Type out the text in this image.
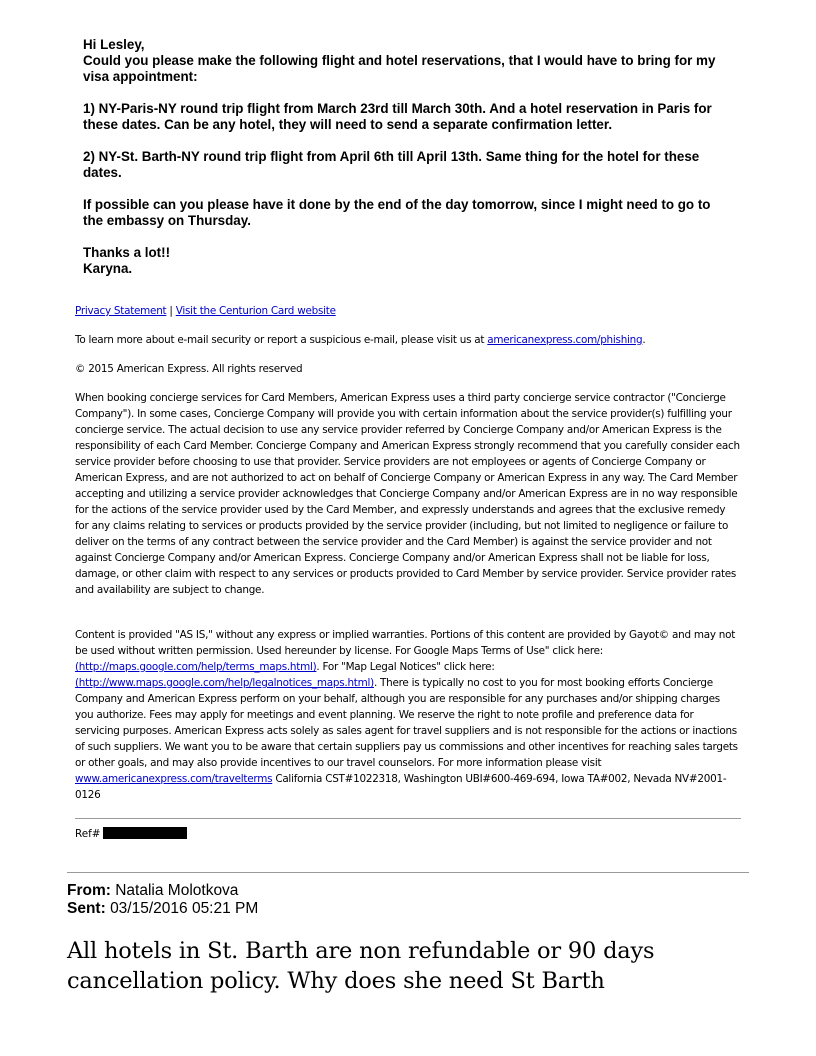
Hi Lesley,

Could you please make the following flight and hotel reservations, that I would have to bring for my visa appointment:

1) NY-Paris-NY round trip flight from March 23rd till March 30th. And a hotel reservation in Paris for these dates. Can be any hotel, they will need to send a separate confirmation letter.

2) NY-St. Barth-NY round trip flight from April 6th till April 13th. Same thing for the hotel for these dates.

If possible can you please have it done by the end of the day tomorrow, since I might need to go to the embassy on Thursday.

Thanks a lot!!

Karyna.

Privacy Statement | Visit the Centurion Card website
To learn more about e-mail security or report a suspicious e-mail, please visit us at americanexpress.com/phishing.
© 2015 American Express. All rights reserved
When booking concierge services for Card Members, American Express uses a third party concierge service contractor ("Concierge Company"). In some cases, Concierge Company will provide you with certain information about the service provider(s) fulfilling your concierge service. The actual decision to use any service provider referred by Concierge Company and/or American Express is the responsibility of each Card Member. Concierge Company and American Express strongly recommend that you carefully consider each service provider before choosing to use that provider. Service providers are not employees or agents of Concierge Company or American Express, and are not authorized to act on behalf of Concierge Company or American Express in any way. The Card Member accepting and utilizing a service provider acknowledges that Concierge Company and/or American Express are in no way responsible for the actions of the service provider used by the Card Member, and expressly understands and agrees that the exclusive remedy for any claims relating to services or products provided by the service provider (including, but not limited to negligence or failure to deliver on the terms of any contract between the service provider and the Card Member) is against the service provider and not against Concierge Company and/or American Express. Concierge Company and/or American Express shall not be liable for loss, damage, or other claim with respect to any services or products provided to Card Member by service provider. Service provider rates and availability are subject to change.
Content is provided "AS IS," without any express or implied warranties. Portions of this content are provided by Gayot© and may not be used without written permission. Used hereunder by license. For Google Maps Terms of Use" click here: (http://maps.google.com/help/terms_maps.html). For "Map Legal Notices" click here: (http://www.maps.google.com/help/legalnotices_maps.html). There is typically no cost to you for most booking efforts Concierge Company and American Express perform on your behalf, although you are responsible for any purchases and/or shipping charges you authorize. Fees may apply for meetings and event planning. We reserve the right to note profile and preference data for servicing purposes. American Express acts solely as sales agent for travel suppliers and is not responsible for the actions or inactions of such suppliers. We want you to be aware that certain suppliers pay us commissions and other incentives for reaching sales targets or other goals, and may also provide incentives to our travel counselors. For more information please visit www.americanexpress.com/travelterms California CST#1022318, Washington UBI#600-469-694, Iowa TA#002, Nevada NV#2001-0126
Ref#
From: Natalia Molotkova
Sent: 03/15/2016 05:21 PM
All hotels in St. Barth are non refundable or 90 days cancellation policy. Why does she need St Barth
